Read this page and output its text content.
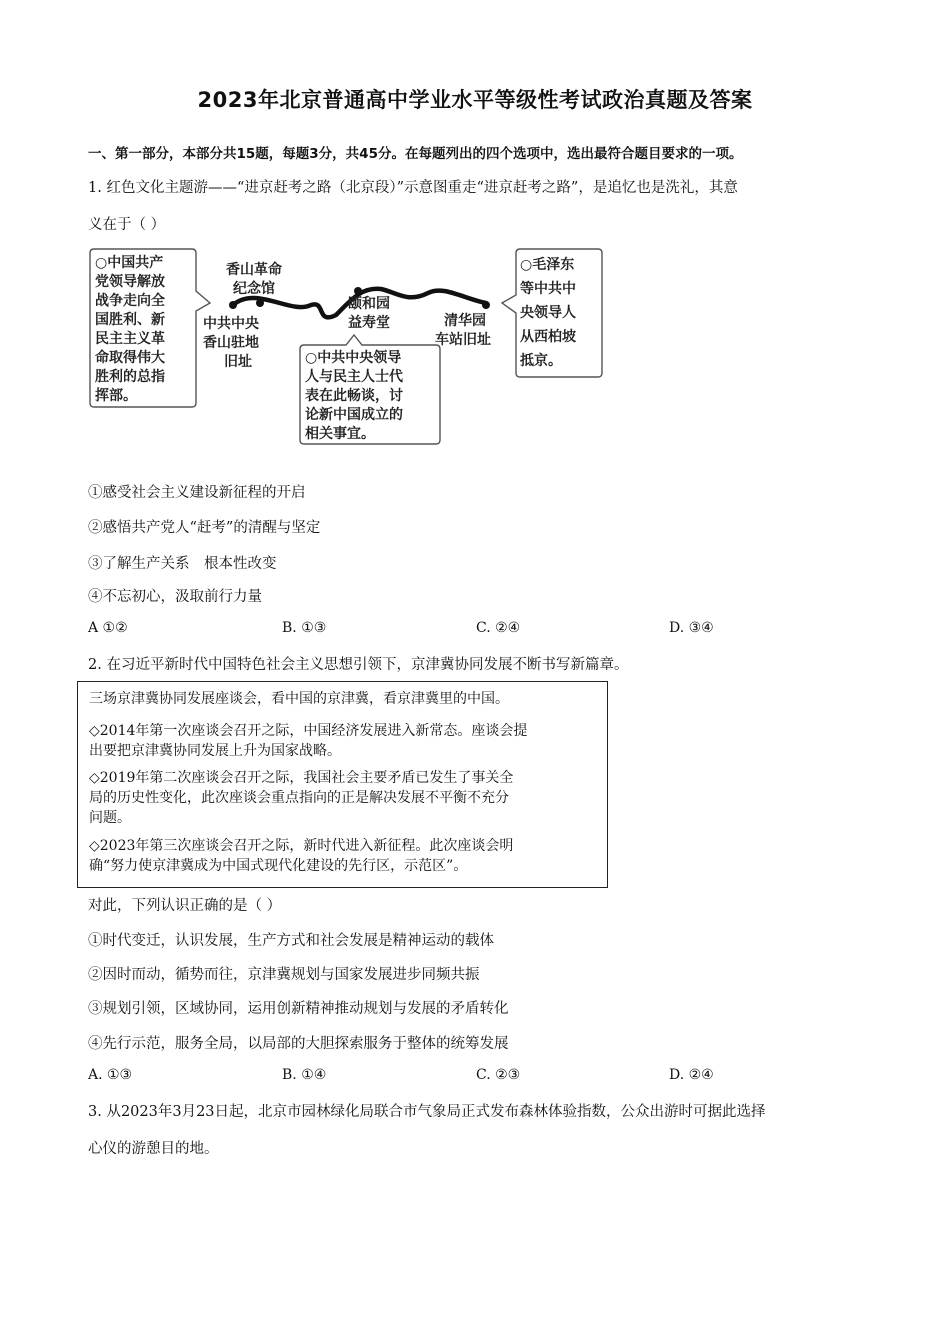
2023年北京普通高中学业水平等级性考试政治真题及答案
一、第一部分，本部分共15题，每题3分，共45分。在每题列出的四个选项中，选出最符合题目要求的一项。
1. 红色文化主题游——“进京赶考之路（北京段）”示意图重走“进京赶考之路”，是追忆也是洗礼，其意
义在于（ ）
○中国共产
党领导解放
战争走向全
国胜利、新
民主主义革
命取得伟大
胜利的总指
挥部。
香山革命
纪念馆
中共中央
香山驻地
旧址
颐和园
益寿堂	清华园
车站旧址
○中共中央领导
人与民主人士代
表在此畅谈，讨
论新中国成立的
相关事宜。
○毛泽东
等中共中
央领导人
从西柏坡
抵京。
①感受社会主义建设新征程的开启
②感悟共产党人“赶考”的清醒与坚定
③了解生产关系　根本性改变
④不忘初心，汲取前行力量
A ①②	B. ①③	C. ②④	D. ③④
2. 在习近平新时代中国特色社会主义思想引领下，京津冀协同发展不断书写新篇章。

三场京津冀协同发展座谈会，看中国的京津冀，看京津冀里的中国。

◇2014年第一次座谈会召开之际，中国经济发展进入新常态。座谈会提

出要把京津冀协同发展上升为国家战略。

◇2019年第二次座谈会召开之际，我国社会主要矛盾已发生了事关全

局的历史性变化，此次座谈会重点指向的正是解决发展不平衡不充分

问题。

◇2023年第三次座谈会召开之际，新时代进入新征程。此次座谈会明

确“努力使京津冀成为中国式现代化建设的先行区，示范区”。

对此，下列认识正确的是（ ）
①时代变迁，认识发展，生产方式和社会发展是精神运动的载体
②因时而动，循势而往，京津冀规划与国家发展进步同频共振
③规划引领，区域协同，运用创新精神推动规划与发展的矛盾转化
④先行示范，服务全局，以局部的大胆探索服务于整体的统筹发展
A. ①③	B. ①④	C. ②③	D. ②④
3. 从2023年3月23日起，北京市园林绿化局联合市气象局正式发布森林体验指数，公众出游时可据此选择
心仪的游憩目的地。
